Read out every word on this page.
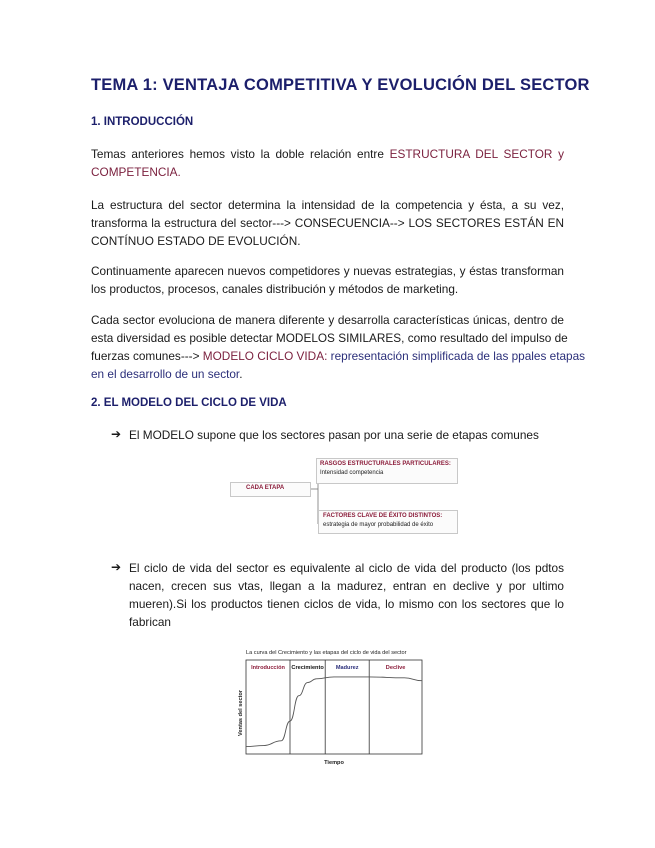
TEMA 1: VENTAJA COMPETITIVA Y EVOLUCIÓN DEL SECTOR
1. INTRODUCCIÓN
Temas anteriores hemos visto la doble relación entre ESTRUCTURA DEL SECTOR y
COMPETENCIA.
La estructura del sector determina la intensidad de la competencia y ésta, a su vez,
transforma la estructura del sector---> CONSECUENCIA--> LOS SECTORES ESTÁN EN
CONTÍNUO ESTADO DE EVOLUCIÓN.
Continuamente aparecen nuevos competidores y nuevas estrategias, y éstas transforman
los productos, procesos, canales distribución y métodos de marketing.
Cada sector evoluciona de manera diferente y desarrolla características únicas, dentro de
esta diversidad es posible detectar MODELOS SIMILARES, como resultado del impulso de
fuerzas comunes---> MODELO CICLO VIDA: representación simplificada de las ppales etapas
en el desarrollo de un sector.
2. EL MODELO DEL CICLO DE VIDA
➔ El MODELO supone que los sectores pasan por una serie de etapas comunes
CADA ETAPA
RASGOS ESTRUCTURALES PARTICULARES:
Intensidad competencia
FACTORES CLAVE DE ÉXITO DISTINTOS:
estrategia de mayor probabilidad de éxito
➔ El ciclo de vida del sector es equivalente al ciclo de vida del producto (los pdtos
nacen, crecen sus vtas, llegan a la madurez, entran en declive y por ultimo
mueren).Si los productos tienen ciclos de vida, lo mismo con los sectores que lo
fabrican
La curva del Crecimiento y las etapas del ciclo de vida del sector
Introducción Crecimiento Madurez	Declive
Tiempo
Ventas del sector
